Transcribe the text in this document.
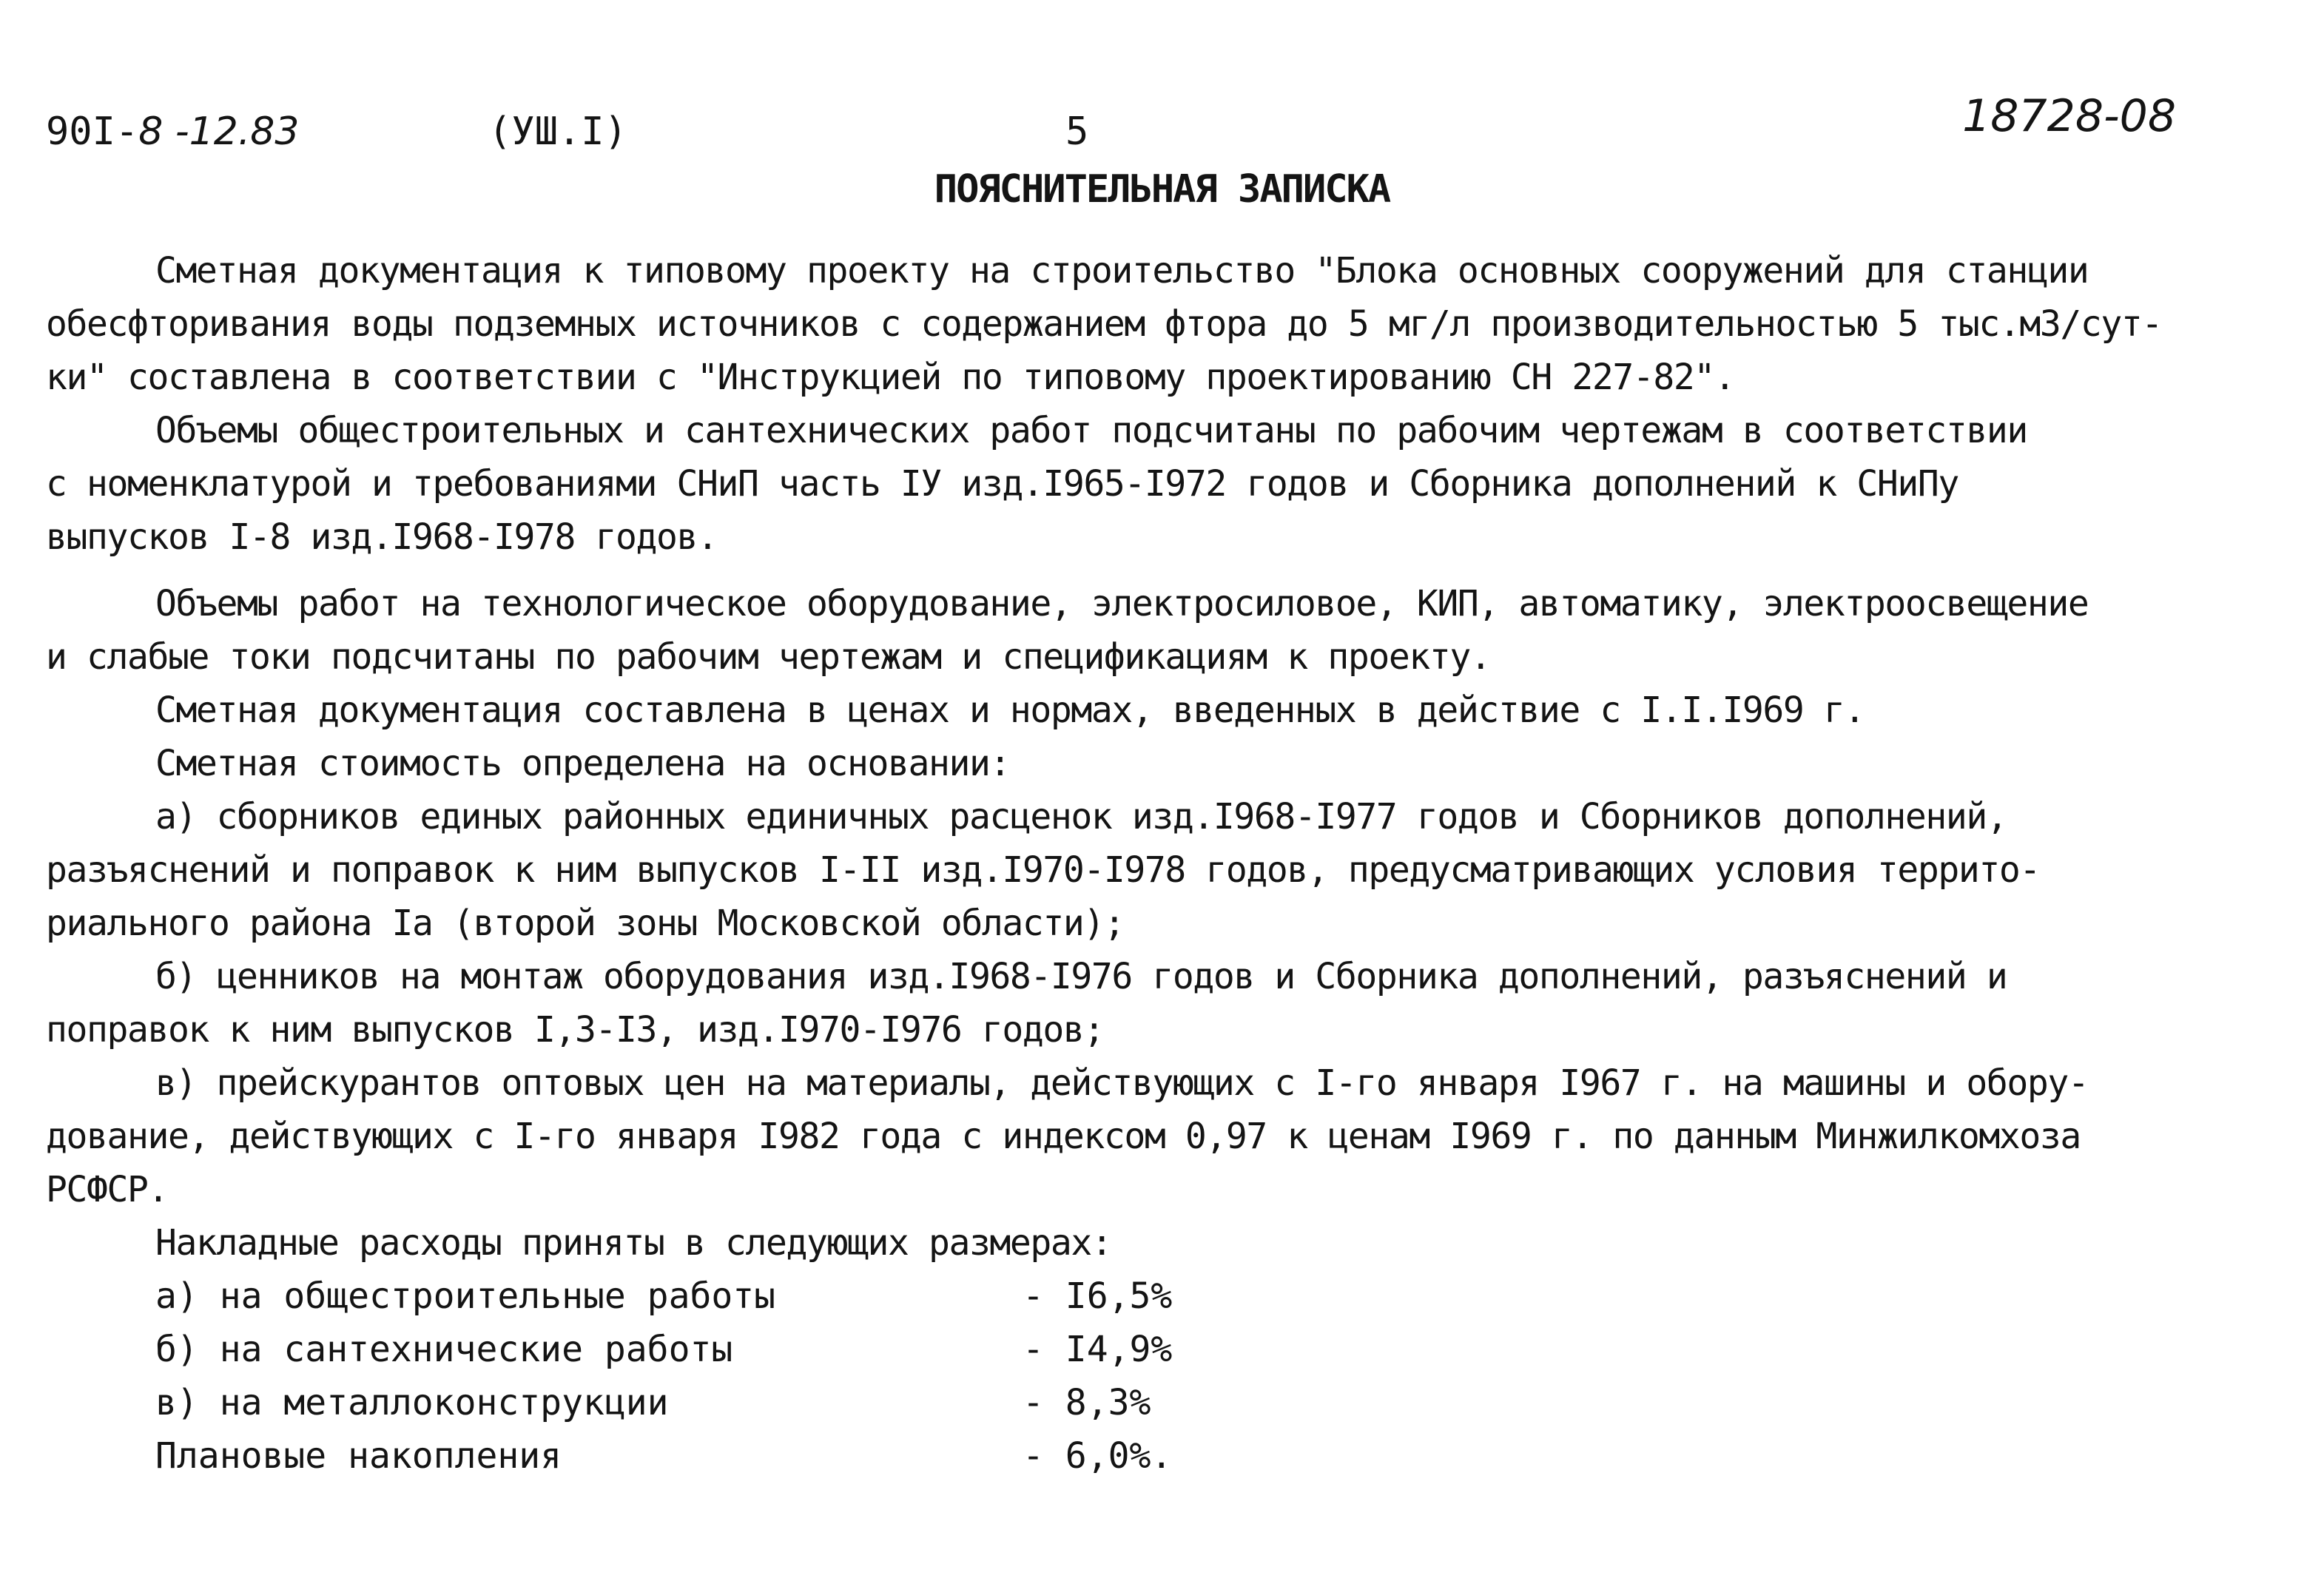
90I-8 -12.83	(УШ.I)	5	18728-08
ПОЯСНИТЕЛЬНАЯ ЗАПИСКА
Сметная документация к типовому проекту на строительство "Блока основных сооружений для станции
обесфторивания воды подземных источников с содержанием фтора до 5 мг/л производительностью 5 тыс.м3/сут-
ки" составлена в соответствии с "Инструкцией по типовому проектированию СН 227-82".
Объемы общестроительных и сантехнических работ подсчитаны по рабочим чертежам в соответствии
с номенклатурой и требованиями СНиП часть IУ изд.I965-I972 годов и Сборника дополнений к СНиПу
выпусков I-8 изд.I968-I978 годов.
Объемы работ на технологическое оборудование, электросиловое, КИП, автоматику, электроосвещение
и слабые токи подсчитаны по рабочим чертежам и спецификациям к проекту.
Сметная документация составлена в ценах и нормах, введенных в действие с I.I.I969 г.
Сметная стоимость определена на основании:
а) сборников единых районных единичных расценок изд.I968-I977 годов и Сборников дополнений,
разъяснений и поправок к ним выпусков I-II изд.I970-I978 годов, предусматривающих условия террито-
риального района Iа (второй зоны Московской области);
б) ценников на монтаж оборудования изд.I968-I976 годов и Сборника дополнений, разъяснений и
поправок к ним выпусков I,3-I3, изд.I970-I976 годов;
в) прейскурантов оптовых цен на материалы, действующих с I-го января I967 г. на машины и обору-
дование, действующих с I-го января I982 года с индексом 0,97 к ценам I969 г. по данным Минжилкомхоза
РСФСР.
Накладные расходы приняты в следующих размерах:
а) на общестроительные работы	- I6,5%
б) на сантехнические работы	- I4,9%
в) на металлоконструкции	- 8,3%
Плановые накопления	- 6,0%.
